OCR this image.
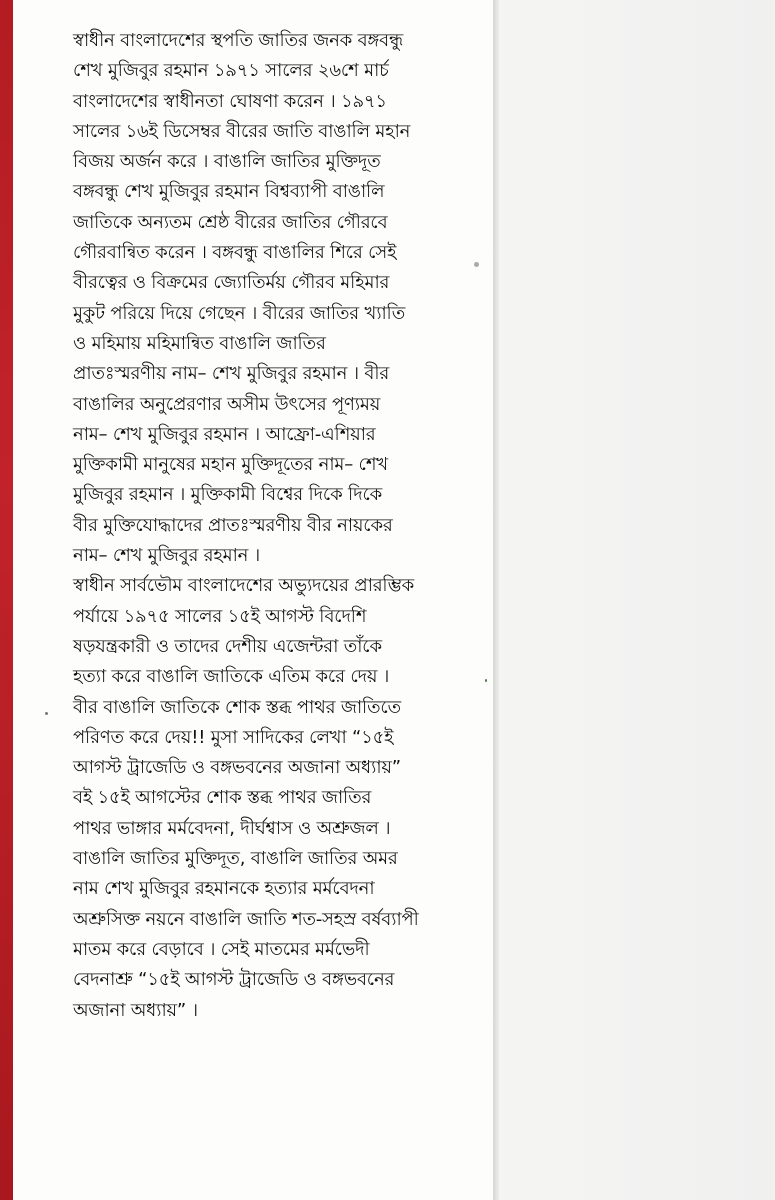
স্বাধীন বাংলাদেশের স্থপতি জাতির জনক বঙ্গবন্ধু
শেখ মুজিবুর রহমান ১৯৭১ সালের ২৬শে মার্চ
বাংলাদেশের স্বাধীনতা ঘোষণা করেন । ১৯৭১
সালের ১৬ই ডিসেম্বর বীরের জাতি বাঙালি মহান
বিজয় অর্জন করে । বাঙালি জাতির মুক্তিদূত
বঙ্গবন্ধু শেখ মুজিবুর রহমান বিশ্বব্যাপী বাঙালি
জাতিকে অন্যতম শ্রেষ্ঠ বীরের জাতির গৌরবে
গৌরবান্বিত করেন । বঙ্গবন্ধু বাঙালির শিরে সেই
বীরত্বের ও বিক্রমের জ্যোতির্ময় গৌরব মহিমার
মুকুট পরিয়ে দিয়ে গেছেন । বীরের জাতির খ্যাতি
ও মহিমায় মহিমান্বিত বাঙালি জাতির
প্রাতঃস্মরণীয় নাম– শেখ মুজিবুর রহমান । বীর
বাঙালির অনুপ্রেরণার অসীম উৎসের পূণ্যময়
নাম– শেখ মুজিবুর রহমান । আফ্রো-এশিয়ার
মুক্তিকামী মানুষের মহান মুক্তিদূতের নাম– শেখ
মুজিবুর রহমান । মুক্তিকামী বিশ্বের দিকে দিকে
বীর মুক্তিযোদ্ধাদের প্রাতঃস্মরণীয় বীর নায়কের
নাম– শেখ মুজিবুর রহমান ।
স্বাধীন সার্বভৌম বাংলাদেশের অভ্যুদয়ের প্রারম্ভিক
পর্যায়ে ১৯৭৫ সালের ১৫ই আগস্ট বিদেশি
ষড়যন্ত্রকারী ও তাদের দেশীয় এজেন্টরা তাঁকে
হত্যা করে বাঙালি জাতিকে এতিম করে দেয় ।
বীর বাঙালি জাতিকে শোক স্তব্ধ পাথর জাতিতে
পরিণত করে দেয়!! মুসা সাদিকের লেখা “১৫ই
আগস্ট ট্রাজেডি ও বঙ্গভবনের অজানা অধ্যায়”
বই ১৫ই আগস্টের শোক স্তব্ধ পাথর জাতির
পাথর ভাঙ্গার মর্মবেদনা, দীর্ঘশ্বাস ও অশ্রুজল ।
বাঙালি জাতির মুক্তিদূত, বাঙালি জাতির অমর
নাম শেখ মুজিবুর রহমানকে হত্যার মর্মবেদনা
অশ্রুসিক্ত নয়নে বাঙালি জাতি শত-সহস্র বর্ষব্যাপী
মাতম করে বেড়াবে । সেই মাতমের মর্মভেদী
বেদনাশ্রু “১৫ই আগস্ট ট্রাজেডি ও বঙ্গভবনের
অজানা অধ্যায়” ।
